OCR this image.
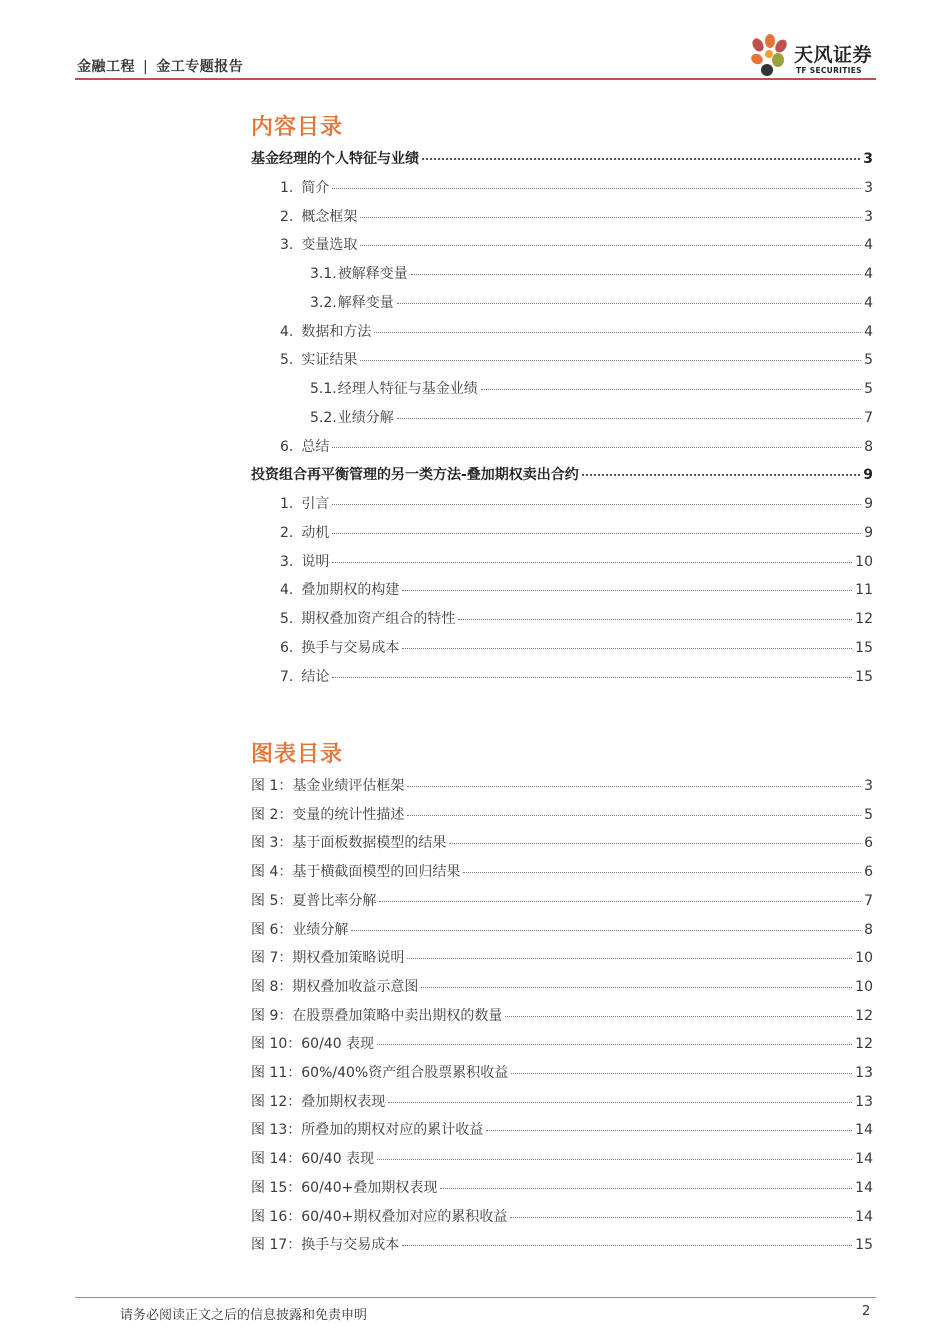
金融工程 | 金工专题报告
天风证券
TF SECURITIES
内容目录
基金经理的个人特征与业绩	3
1. 简介	3
2. 概念框架	3
3. 变量选取	4
3.1.被解释变量	4
3.2.解释变量	4
4. 数据和方法	4
5. 实证结果	5
5.1.经理人特征与基金业绩	5
5.2.业绩分解	7
6. 总结	8
投资组合再平衡管理的另一类方法-叠加期权卖出合约	9
1. 引言	9
2. 动机	9
3. 说明	10
4. 叠加期权的构建	11
5. 期权叠加资产组合的特性	12
6. 换手与交易成本	15
7. 结论	15
图表目录
图 1：基金业绩评估框架	3
图 2：变量的统计性描述	5
图 3：基于面板数据模型的结果	6
图 4：基于横截面模型的回归结果	6
图 5：夏普比率分解	7
图 6：业绩分解	8
图 7：期权叠加策略说明	10
图 8：期权叠加收益示意图	10
图 9：在股票叠加策略中卖出期权的数量	12
图 10：60/40 表现	12
图 11：60%/40%资产组合股票累积收益	13
图 12：叠加期权表现	13
图 13：所叠加的期权对应的累计收益	14
图 14：60/40 表现	14
图 15：60/40+叠加期权表现	14
图 16：60/40+期权叠加对应的累积收益	14
图 17：换手与交易成本	15
请务必阅读正文之后的信息披露和免责申明	2
